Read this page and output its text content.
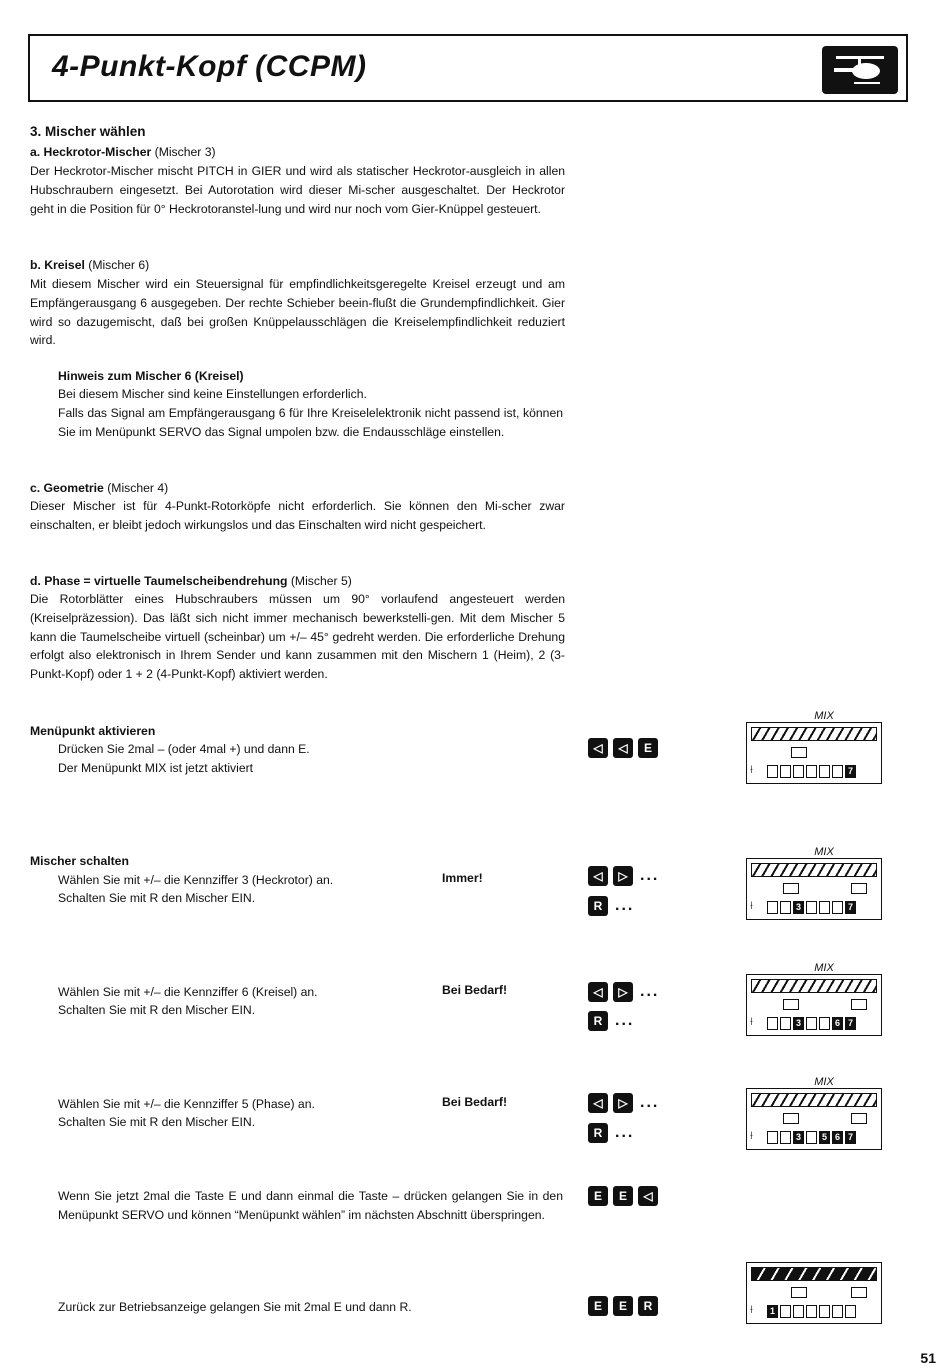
4-Punkt-Kopf (CCPM)
3. Mischer wählen
a. Heckrotor-Mischer (Mischer 3)
Der Heckrotor-Mischer mischt PITCH in GIER und wird als statischer Heckrotor-ausgleich in allen Hubschraubern eingesetzt. Bei Autorotation wird dieser Mi-scher ausgeschaltet. Der Heckrotor geht in die Position für 0° Heckrotoranstel-lung und wird nur noch vom Gier-Knüppel gesteuert.
b. Kreisel (Mischer 6)
Mit diesem Mischer wird ein Steuersignal für empfindlichkeitsgeregelte Kreisel erzeugt und am Empfängerausgang 6 ausgegeben. Der rechte Schieber beein-flußt die Grundempfindlichkeit. Gier wird so dazugemischt, daß bei großen Knüppelausschlägen die Kreiselempfindlichkeit reduziert wird.
Hinweis zum Mischer 6 (Kreisel)
Bei diesem Mischer sind keine Einstellungen erforderlich.
Falls das Signal am Empfängerausgang 6 für Ihre Kreiselelektronik nicht passend ist, können Sie im Menüpunkt SERVO das Signal umpolen bzw. die Endausschläge einstellen.
c. Geometrie (Mischer 4)
Dieser Mischer ist für 4-Punkt-Rotorköpfe nicht erforderlich. Sie können den Mi-scher zwar einschalten, er bleibt jedoch wirkungslos und das Einschalten wird nicht gespeichert.
d. Phase = virtuelle Taumelscheibendrehung (Mischer 5)
Die Rotorblätter eines Hubschraubers müssen um 90° vorlaufend angesteuert werden (Kreiselpräzession). Das läßt sich nicht immer mechanisch bewerkstelli-gen. Mit dem Mischer 5 kann die Taumelscheibe virtuell (scheinbar) um +/– 45° gedreht werden. Die erforderliche Drehung erfolgt also elektronisch in Ihrem Sender und kann zusammen mit den Mischern 1 (Heim), 2 (3-Punkt-Kopf) oder 1 + 2 (4-Punkt-Kopf) aktiviert werden.
Menüpunkt aktivieren
Drücken Sie 2mal – (oder 4mal +) und dann E.
Der Menüpunkt MIX ist jetzt aktiviert
◁ ◁ E
Mischer schalten
Wählen Sie mit +/– die Kennziffer 3 (Heckrotor) an.
Schalten Sie mit R den Mischer EIN.
Immer!	◁ ▷ ...
R ...
Wählen Sie mit +/– die Kennziffer 6 (Kreisel) an.
Schalten Sie mit R den Mischer EIN.
Bei Bedarf!	◁ ▷ ...
R ...
Wählen Sie mit +/– die Kennziffer 5 (Phase) an.
Schalten Sie mit R den Mischer EIN.
Bei Bedarf!	◁ ▷ ...
R ...
Wenn Sie jetzt 2mal die Taste E und dann einmal die Taste – drücken gelangen Sie in den Menüpunkt SERVO und können “Menüpunkt wählen” im nächsten Abschnitt überspringen.
E E ◁
Zurück zur Betriebsanzeige gelangen Sie mit 2mal E und dann R.	E E R
MIX
⟊	7
MIX
⟊	3	7
MIX
⟊	3	6 7
MIX
⟊	3	5 6 7
⟊	1
51
